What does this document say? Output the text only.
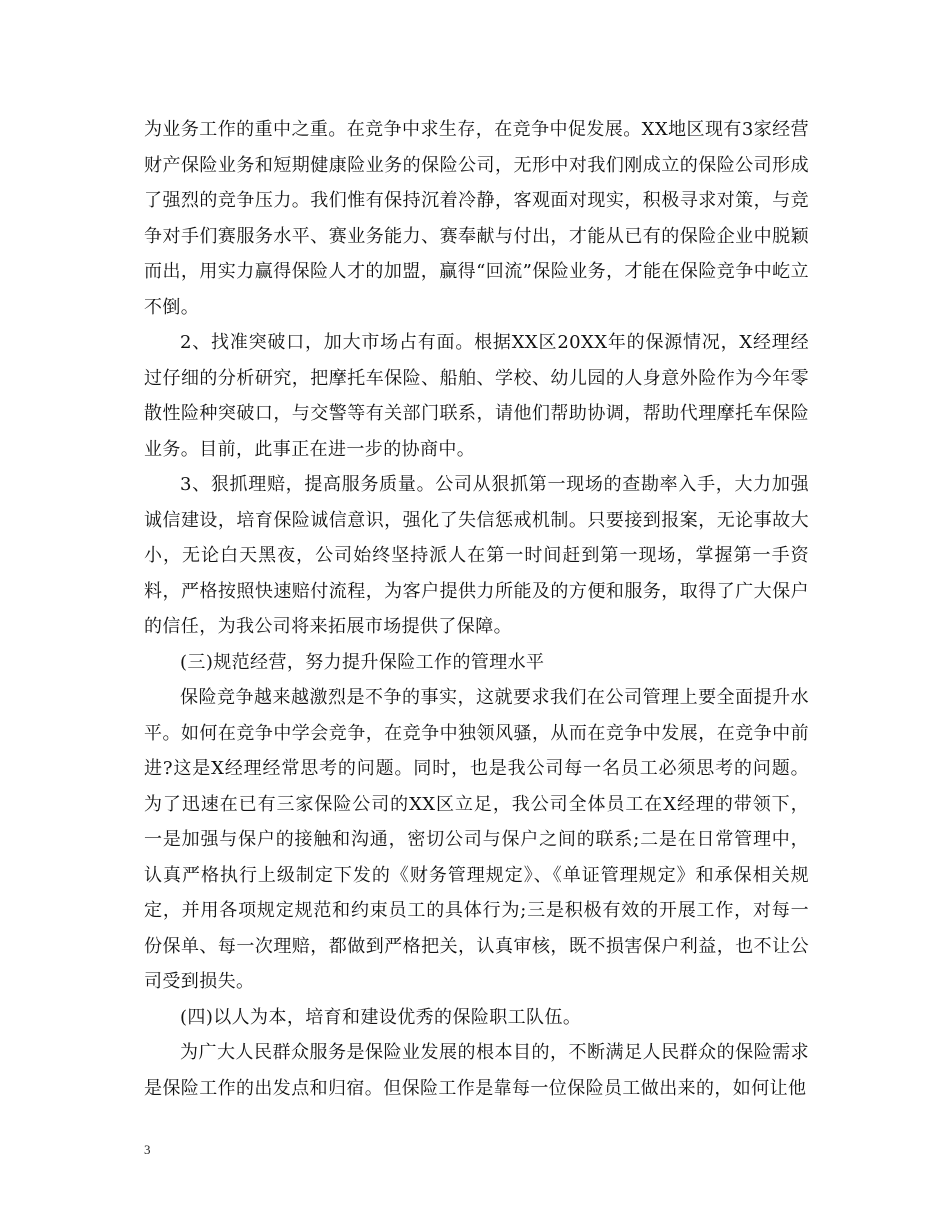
为业务工作的重中之重。在竞争中求生存，在竞争中促发展。XX地区现有3家经营财产保险业务和短期健康险业务的保险公司，无形中对我们刚成立的保险公司形成了强烈的竞争压力。我们惟有保持沉着冷静，客观面对现实，积极寻求对策，与竞争对手们赛服务水平、赛业务能力、赛奉献与付出，才能从已有的保险企业中脱颖而出，用实力赢得保险人才的加盟，赢得“回流”保险业务，才能在保险竞争中屹立不倒。

2、找准突破口，加大市场占有面。根据XX区20XX年的保源情况，X经理经过仔细的分析研究，把摩托车保险、船舶、学校、幼儿园的人身意外险作为今年零散性险种突破口，与交警等有关部门联系，请他们帮助协调，帮助代理摩托车保险业务。目前，此事正在进一步的协商中。

3、狠抓理赔，提高服务质量。公司从狠抓第一现场的查勘率入手，大力加强诚信建设，培育保险诚信意识，强化了失信惩戒机制。只要接到报案，无论事故大小，无论白天黑夜，公司始终坚持派人在第一时间赶到第一现场，掌握第一手资料，严格按照快速赔付流程，为客户提供力所能及的方便和服务，取得了广大保户的信任，为我公司将来拓展市场提供了保障。

(三)规范经营，努力提升保险工作的管理水平

保险竞争越来越激烈是不争的事实，这就要求我们在公司管理上要全面提升水平。如何在竞争中学会竞争，在竞争中独领风骚，从而在竞争中发展，在竞争中前进?这是X经理经常思考的问题。同时，也是我公司每一名员工必须思考的问题。为了迅速在已有三家保险公司的XX区立足，我公司全体员工在X经理的带领下，一是加强与保户的接触和沟通，密切公司与保户之间的联系;二是在日常管理中，认真严格执行上级制定下发的《财务管理规定》、《单证管理规定》和承保相关规定，并用各项规定规范和约束员工的具体行为;三是积极有效的开展工作，对每一份保单、每一次理赔，都做到严格把关，认真审核，既不损害保户利益，也不让公司受到损失。

(四)以人为本，培育和建设优秀的保险职工队伍。

为广大人民群众服务是保险业发展的根本目的，不断满足人民群众的保险需求是保险工作的出发点和归宿。但保险工作是靠每一位保险员工做出来的，如何让他

3
